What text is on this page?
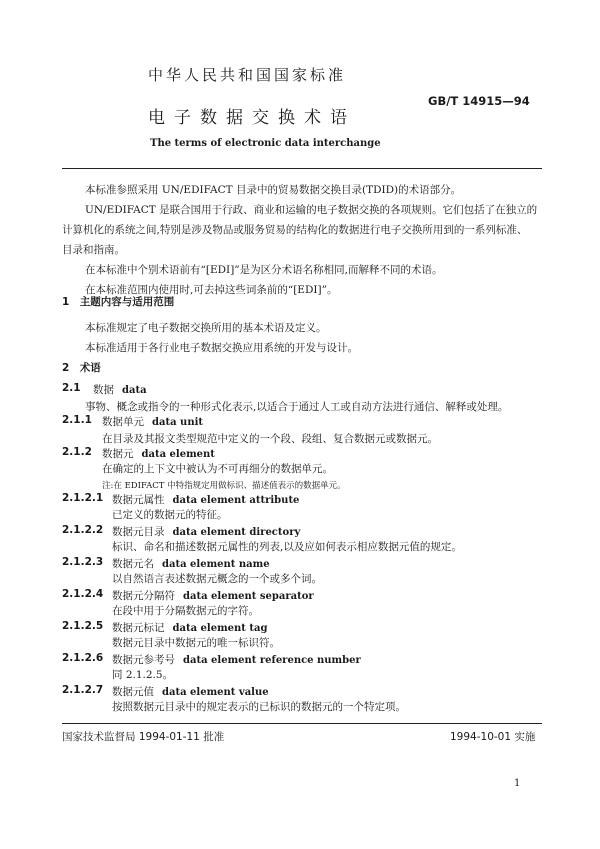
中华人民共和国国家标准
GB/T 14915—94
电子数据交换术语
The terms of electronic data interchange
本标准参照采用 UN/EDIFACT 目录中的贸易数据交换目录(TDID)的术语部分。
UN/EDIFACT 是联合国用于行政、商业和运输的电子数据交换的各项规则。它们包括了在独立的
计算机化的系统之间,特别是涉及物品或服务贸易的结构化的数据进行电子交换所用到的一系列标准、
目录和指南。
在本标准中个别术语前有“[EDI]”是为区分术语名称相同,而解释不同的术语。
在本标准范围内使用时,可去掉这些词条前的“[EDI]”。
1　主题内容与适用范围
本标准规定了电子数据交换所用的基本术语及定义。
本标准适用于各行业电子数据交换应用系统的开发与设计。
2　术语
2.1 数据 data
事物、概念或指令的一种形式化表示,以适合于通过人工或自动方法进行通信、解释或处理。
2.1.1 数据单元 data unit
在目录及其报文类型规范中定义的一个段、段组、复合数据元或数据元。
2.1.2 数据元 data element
在确定的上下文中被认为不可再细分的数据单元。
注:在 EDIFACT 中特指规定用做标识、描述值表示的数据单元。
2.1.2.1 数据元属性 data element attribute
已定义的数据元的特征。
2.1.2.2 数据元目录 data element directory
标识、命名和描述数据元属性的列表,以及应如何表示相应数据元值的规定。
2.1.2.3 数据元名 data element name
以自然语言表述数据元概念的一个或多个词。
2.1.2.4 数据元分隔符 data element separator
在段中用于分隔数据元的字符。
2.1.2.5 数据元标记 data element tag
数据元目录中数据元的唯一标识符。
2.1.2.6 数据元参考号 data element reference number
同 2.1.2.5。
2.1.2.7 数据元值 data element value
按照数据元目录中的规定表示的已标识的数据元的一个特定项。
国家技术监督局 1994-01-11 批准	1994-10-01 实施
1
